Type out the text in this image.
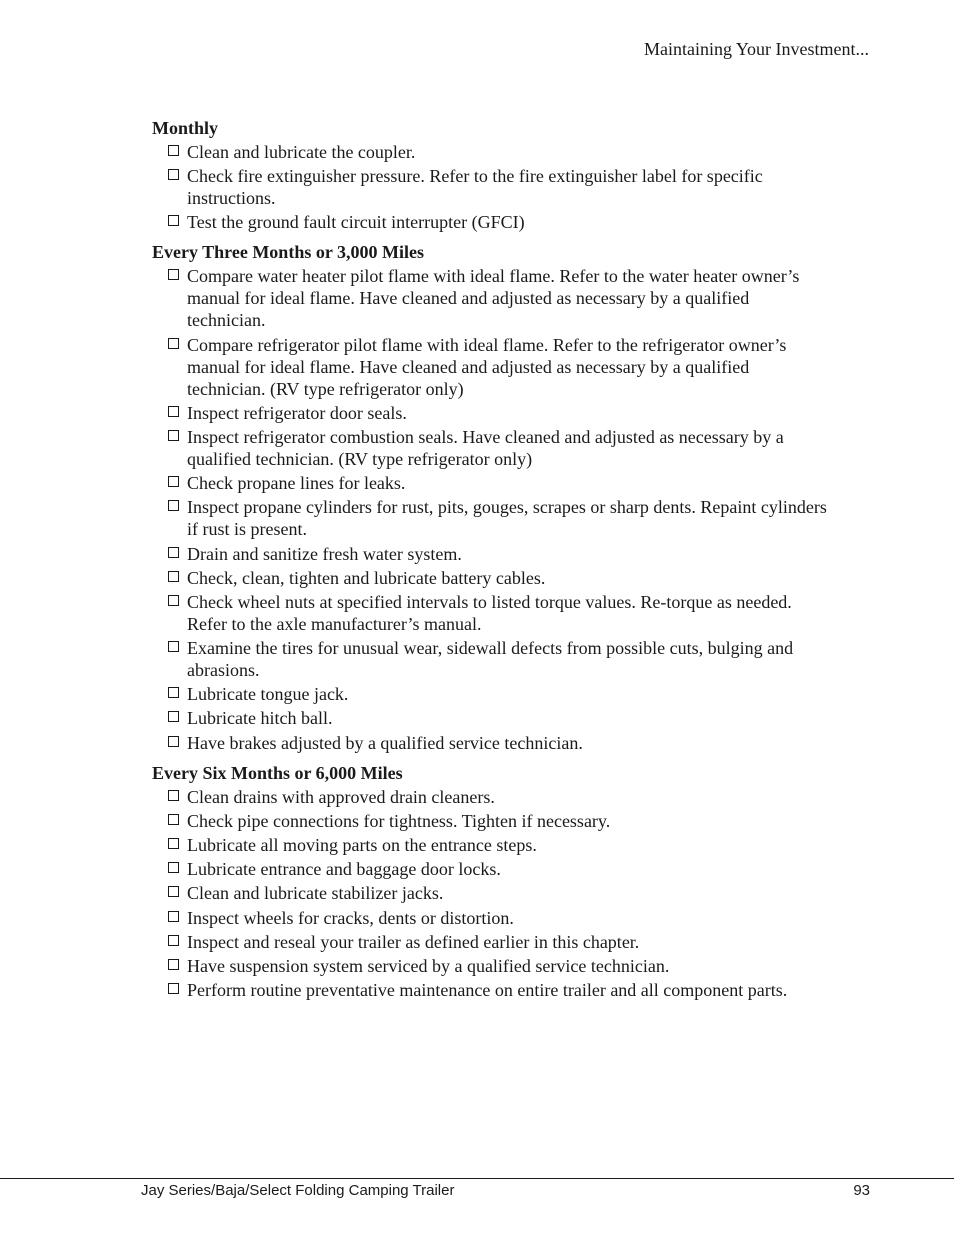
Maintaining Your Investment...
Monthly
Clean and lubricate the coupler.
Check fire extinguisher pressure. Refer to the fire extinguisher label for specific instructions.
Test the ground fault circuit interrupter (GFCI)
Every Three Months or 3,000 Miles
Compare water heater pilot flame with ideal flame. Refer to the water heater owner’s manual for ideal flame. Have cleaned and adjusted as necessary by a qualified technician.
Compare refrigerator pilot flame with ideal flame. Refer to the refrigerator owner’s manual for ideal flame. Have cleaned and adjusted as necessary by a qualified technician. (RV type refrigerator only)
Inspect refrigerator door seals.
Inspect refrigerator combustion seals. Have cleaned and adjusted as necessary by a qualified technician. (RV type refrigerator only)
Check propane lines for leaks.
Inspect propane cylinders for rust, pits, gouges, scrapes or sharp dents. Repaint cylinders if rust is present.
Drain and sanitize fresh water system.
Check, clean, tighten and lubricate battery cables.
Check wheel nuts at specified intervals to listed torque values. Re-torque as needed. Refer to the axle manufacturer’s manual.
Examine the tires for unusual wear, sidewall defects from possible cuts, bulging and abrasions.
Lubricate tongue jack.
Lubricate hitch ball.
Have brakes adjusted by a qualified service technician.
Every Six Months or 6,000 Miles
Clean drains with approved drain cleaners.
Check pipe connections for tightness. Tighten if necessary.
Lubricate all moving parts on the entrance steps.
Lubricate entrance and baggage door locks.
Clean and lubricate stabilizer jacks.
Inspect wheels for cracks, dents or distortion.
Inspect and reseal your trailer as defined earlier in this chapter.
Have suspension system serviced by a qualified service technician.
Perform routine preventative maintenance on entire trailer and all component parts.
Jay Series/Baja/Select Folding Camping Trailer	93
